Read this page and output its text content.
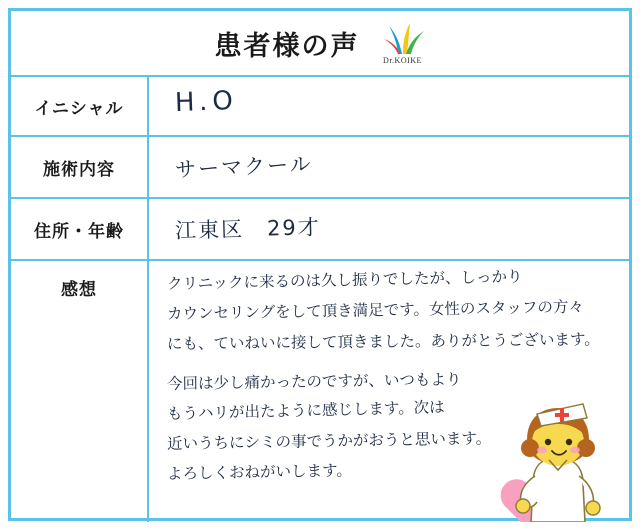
患者様の声	Dr.KOIKE
イニシャル	H.O
施術内容	サーマクール
住所・年齢	江東区　29才
感想	クリニックに来るのは久し振りでしたが、しっかり
カウンセリングをして頂き満足です。女性のスタッフの方々
にも、ていねいに接して頂きました。ありがとうございます。
今回は少し痛かったのですが、いつもより
もうハリが出たように感じします。次は
近いうちにシミの事でうかがおうと思います。
よろしくおねがいします。
